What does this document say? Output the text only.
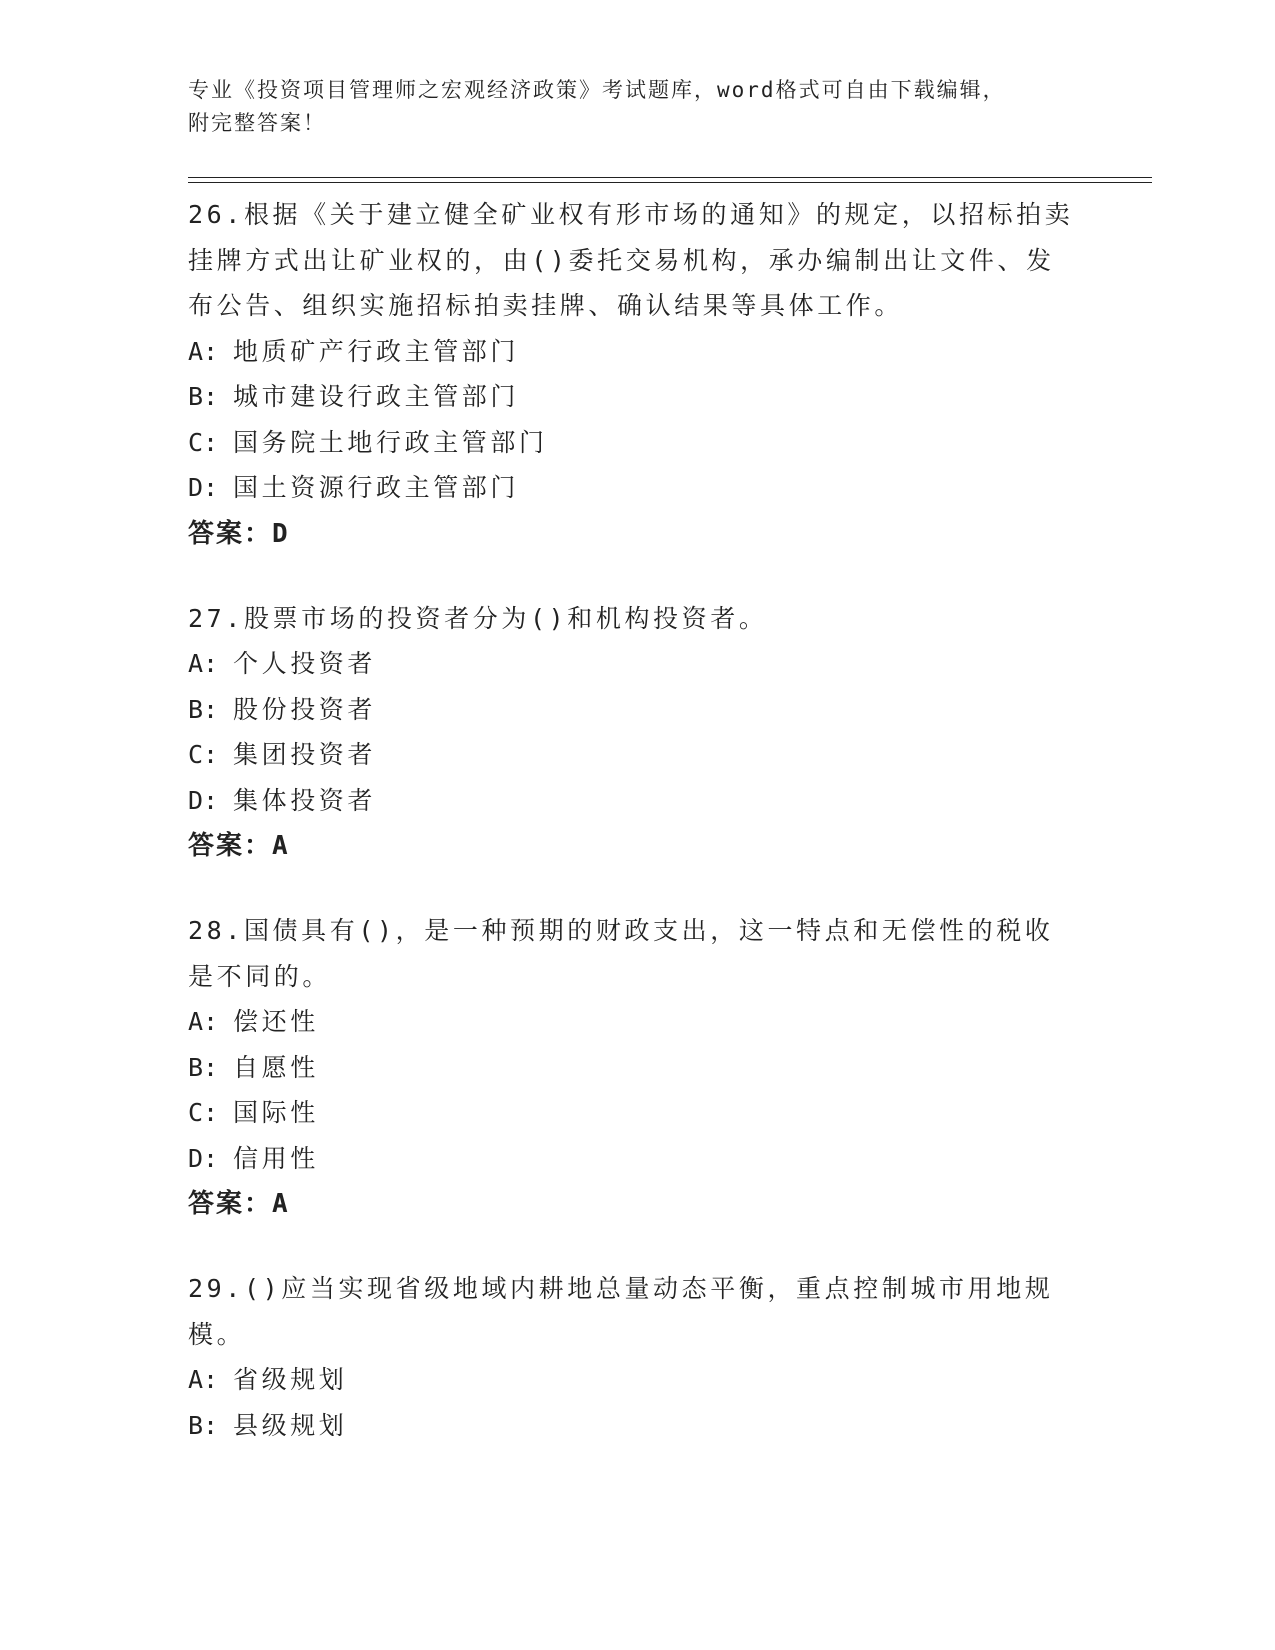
专业《投资项目管理师之宏观经济政策》考试题库，word格式可自由下载编辑，
附完整答案！
26.根据《关于建立健全矿业权有形市场的通知》的规定，以招标拍卖挂牌方式出让矿业权的，由()委托交易机构，承办编制出让文件、发布公告、组织实施招标拍卖挂牌、确认结果等具体工作。
A: 地质矿产行政主管部门
B: 城市建设行政主管部门
C: 国务院土地行政主管部门
D: 国土资源行政主管部门
答案：D
27.股票市场的投资者分为()和机构投资者。
A: 个人投资者
B: 股份投资者
C: 集团投资者
D: 集体投资者
答案：A
28.国债具有()，是一种预期的财政支出，这一特点和无偿性的税收是不同的。
A: 偿还性
B: 自愿性
C: 国际性
D: 信用性
答案：A
29.()应当实现省级地域内耕地总量动态平衡，重点控制城市用地规模。
A: 省级规划
B: 县级规划
